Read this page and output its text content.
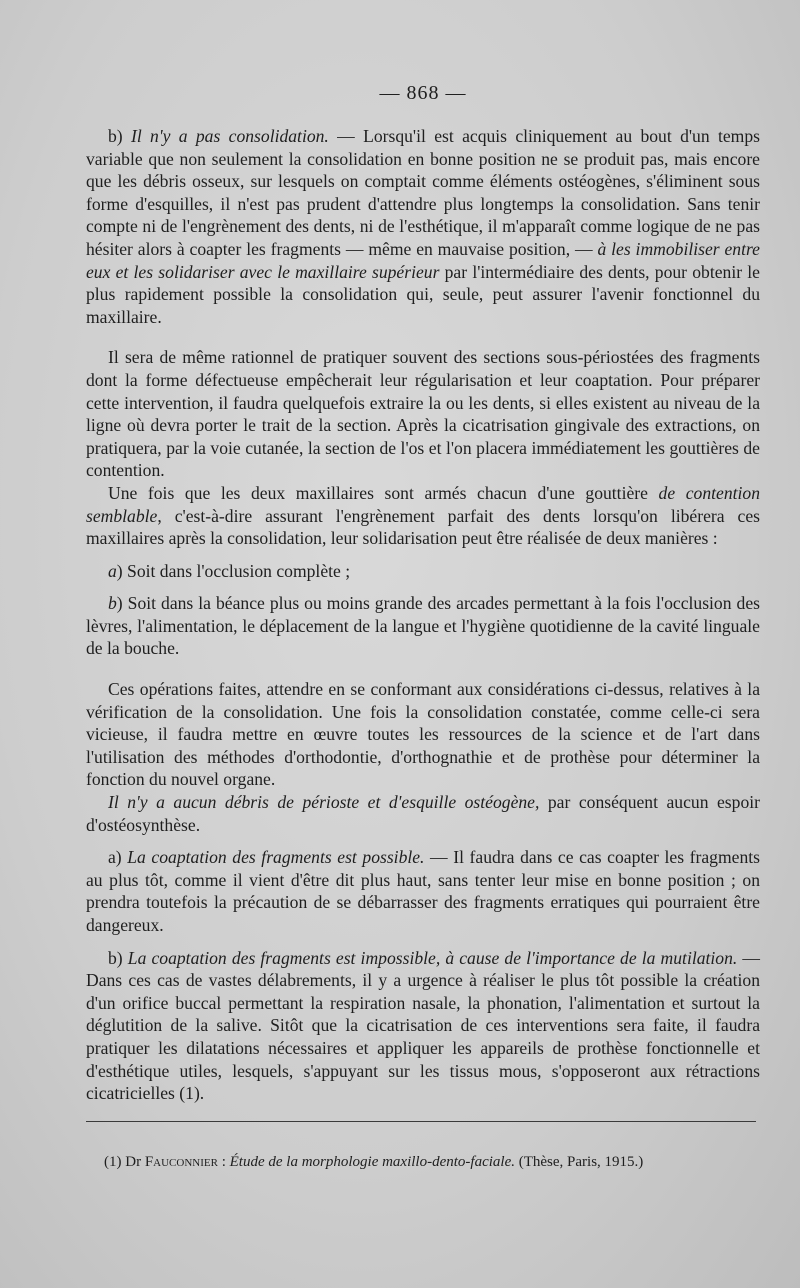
— 868 —

b) Il n'y a pas consolidation. — Lorsqu'il est acquis cliniquement au bout d'un temps variable que non seulement la consolidation en bonne position ne se produit pas, mais encore que les débris osseux, sur lesquels on comptait comme éléments ostéogènes, s'éliminent sous forme d'esquilles, il n'est pas prudent d'attendre plus longtemps la consolidation. Sans tenir compte ni de l'engrènement des dents, ni de l'esthétique, il m'apparaît comme logique de ne pas hésiter alors à coapter les fragments — même en mauvaise position, — à les immobiliser entre eux et les solidariser avec le maxillaire supérieur par l'intermédiaire des dents, pour obtenir le plus rapidement possible la consolidation qui, seule, peut assurer l'avenir fonctionnel du maxillaire.

Il sera de même rationnel de pratiquer souvent des sections sous-périostées des fragments dont la forme défectueuse empêcherait leur régularisation et leur coaptation. Pour préparer cette intervention, il faudra quelquefois extraire la ou les dents, si elles existent au niveau de la ligne où devra porter le trait de la section. Après la cicatrisation gingivale des extractions, on pratiquera, par la voie cutanée, la section de l'os et l'on placera immédiatement les gouttières de contention.

Une fois que les deux maxillaires sont armés chacun d'une gouttière de contention semblable, c'est-à-dire assurant l'engrènement parfait des dents lorsqu'on libérera ces maxillaires après la consolidation, leur solidarisation peut être réalisée de deux manières :

a) Soit dans l'occlusion complète ;

b) Soit dans la béance plus ou moins grande des arcades permettant à la fois l'occlusion des lèvres, l'alimentation, le déplacement de la langue et l'hygiène quotidienne de la cavité linguale de la bouche.

Ces opérations faites, attendre en se conformant aux considérations ci-dessus, relatives à la vérification de la consolidation. Une fois la consolidation constatée, comme celle-ci sera vicieuse, il faudra mettre en œuvre toutes les ressources de la science et de l'art dans l'utilisation des méthodes d'orthodontie, d'orthognathie et de prothèse pour déterminer la fonction du nouvel organe.

Il n'y a aucun débris de périoste et d'esquille ostéogène, par conséquent aucun espoir d'ostéosynthèse.

a) La coaptation des fragments est possible. — Il faudra dans ce cas coapter les fragments au plus tôt, comme il vient d'être dit plus haut, sans tenter leur mise en bonne position ; on prendra toutefois la précaution de se débarrasser des fragments erratiques qui pourraient être dangereux.

b) La coaptation des fragments est impossible, à cause de l'importance de la mutilation. — Dans ces cas de vastes délabrements, il y a urgence à réaliser le plus tôt possible la création d'un orifice buccal permettant la respiration nasale, la phonation, l'alimentation et surtout la déglutition de la salive. Sitôt que la cicatrisation de ces interventions sera faite, il faudra pratiquer les dilatations nécessaires et appliquer les appareils de prothèse fonctionnelle et d'esthétique utiles, lesquels, s'appuyant sur les tissus mous, s'opposeront aux rétractions cicatricielles (1).

(1) Dr Fauconnier : Étude de la morphologie maxillo-dento-faciale. (Thèse, Paris, 1915.)
